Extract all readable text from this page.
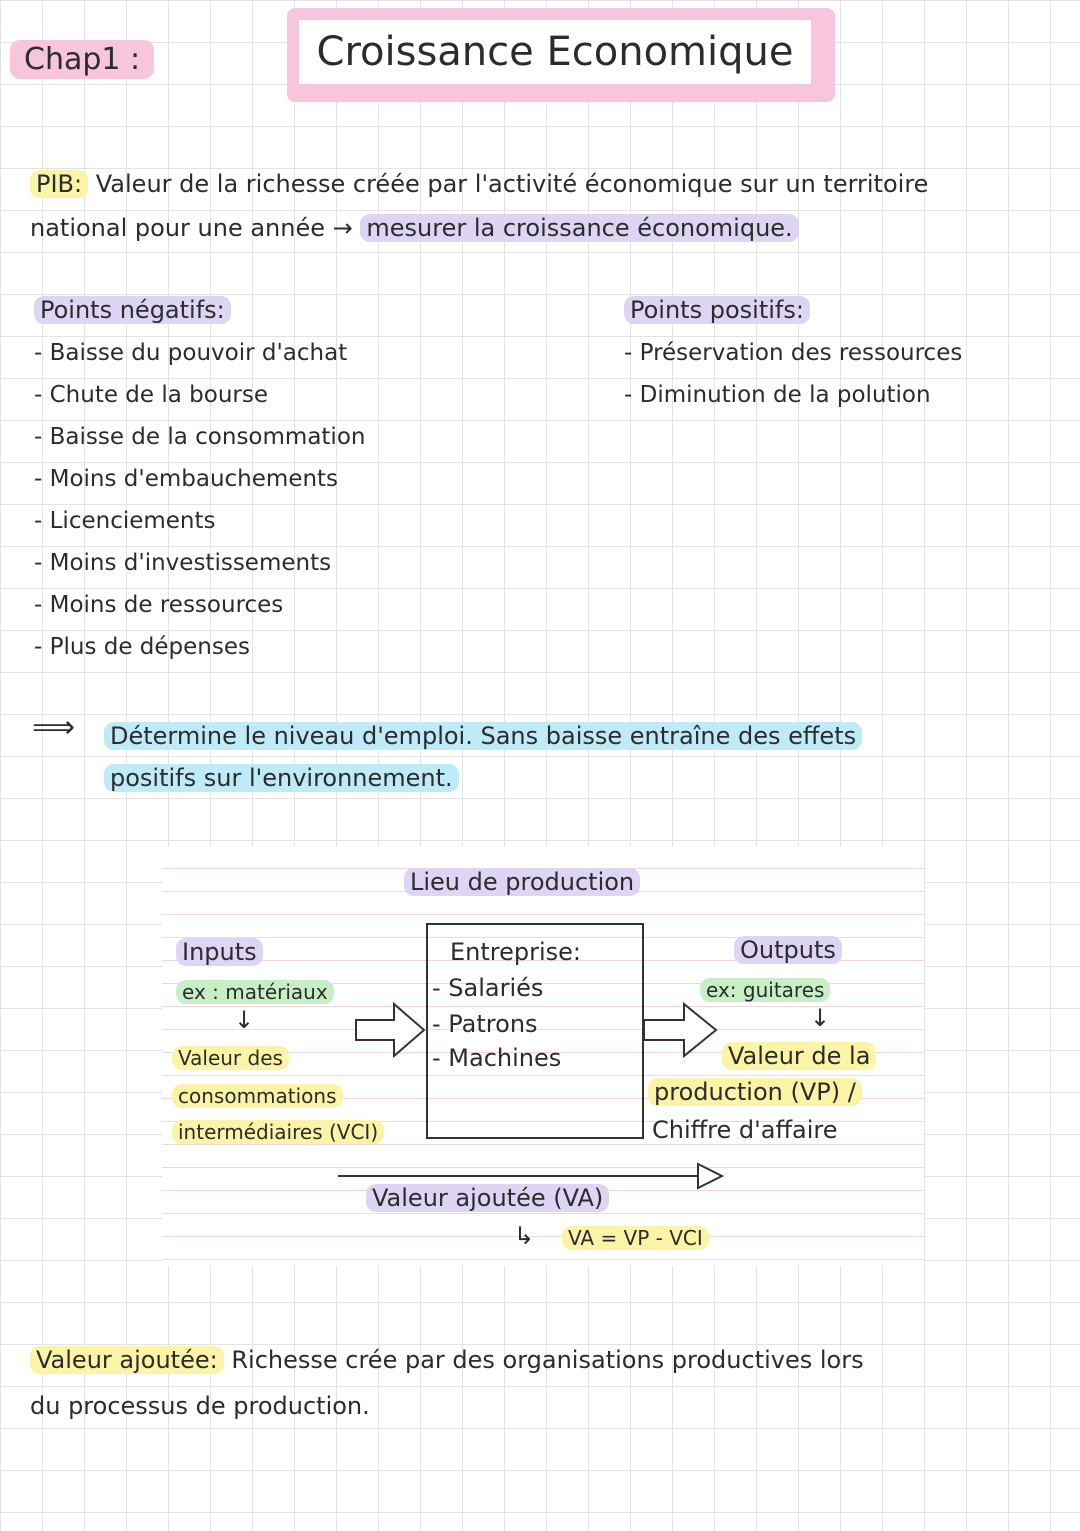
Chap1 :	Croissance Economique
PIB: Valeur de la richesse créée par l'activité économique sur un territoire
national pour une année → mesurer la croissance économique.
Points négatifs:
- Baisse du pouvoir d'achat
- Chute de la bourse
- Baisse de la consommation
- Moins d'embauchements
- Licenciements
- Moins d'investissements
- Moins de ressources
- Plus de dépenses
Points positifs:
- Préservation des ressources
- Diminution de la polution
⟹ Détermine le niveau d'emploi. Sans baisse entraîne des effets
positifs sur l'environnement.
Lieu de production
Inputs
ex : matériaux
↓
Valeur des
consommations
intermédiaires (VCI)
Entreprise:
- Salariés
- Patrons
- Machines
Outputs
ex: guitares
↓
Valeur de la
production (VP) /
Chiffre d'affaire
Valeur ajoutée (VA)
↳	VA = VP - VCI
Valeur ajoutée: Richesse crée par des organisations productives lors
du processus de production.
